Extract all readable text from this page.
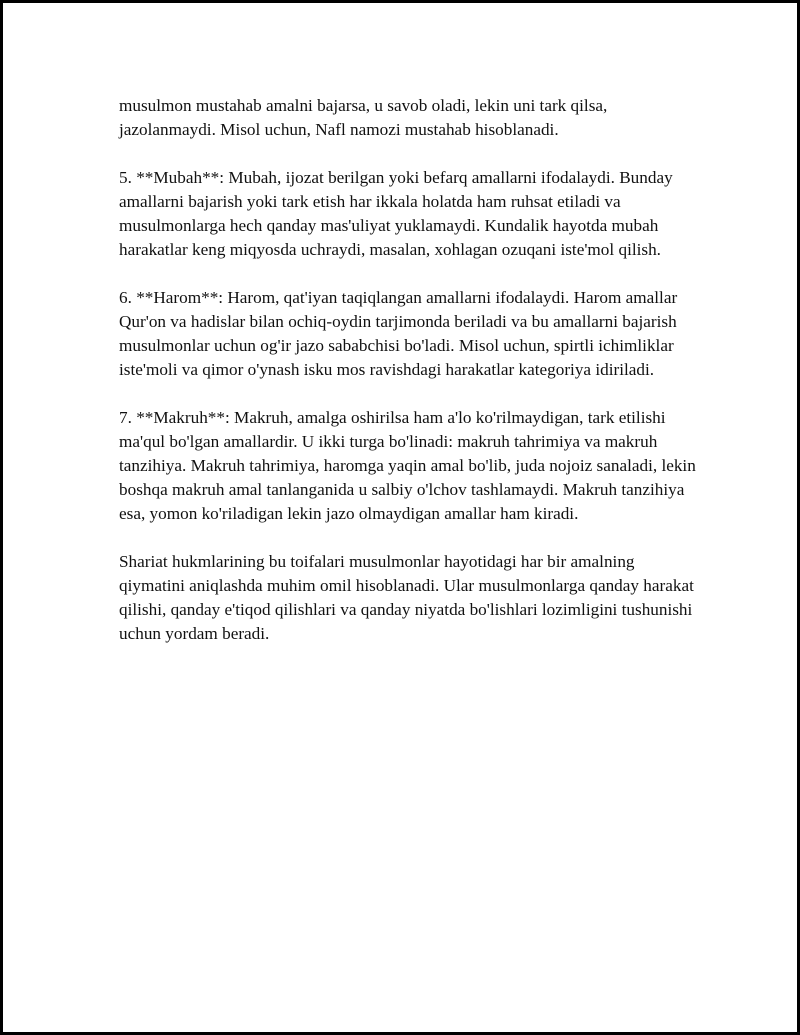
musulmon mustahab amalni bajarsa, u savob oladi, lekin uni tark qilsa, jazolanmaydi. Misol uchun, Nafl namozi mustahab hisoblanadi.

5. **Mubah**: Mubah, ijozat berilgan yoki befarq amallarni ifodalaydi. Bunday amallarni bajarish yoki tark etish har ikkala holatda ham ruhsat etiladi va musulmonlarga hech qanday mas'uliyat yuklamaydi. Kundalik hayotda mubah harakatlar keng miqyosda uchraydi, masalan, xohlagan ozuqani iste'mol qilish.

6. **Harom**: Harom, qat'iyan taqiqlangan amallarni ifodalaydi. Harom amallar Qur'on va hadislar bilan ochiq-oydin tarjimonda beriladi va bu amallarni bajarish musulmonlar uchun og'ir jazo sababchisi bo'ladi. Misol uchun, spirtli ichimliklar iste'moli va qimor o'ynash isku mos ravishdagi harakatlar kategoriya idiriladi.

7. **Makruh**: Makruh, amalga oshirilsa ham a'lo ko'rilmaydigan, tark etilishi ma'qul bo'lgan amallardir. U ikki turga bo'linadi: makruh tahrimiya va makruh tanzihiya. Makruh tahrimiya, haromga yaqin amal bo'lib, juda nojoiz sanaladi, lekin boshqa makruh amal tanlanganida u salbiy o'lchov tashlamaydi. Makruh tanzihiya esa, yomon ko'riladigan lekin jazo olmaydigan amallar ham kiradi.

Shariat hukmlarining bu toifalari musulmonlar hayotidagi har bir amalning qiymatini aniqlashda muhim omil hisoblanadi. Ular musulmonlarga qanday harakat qilishi, qanday e'tiqod qilishlari va qanday niyatda bo'lishlari lozimligini tushunishi uchun yordam beradi.
